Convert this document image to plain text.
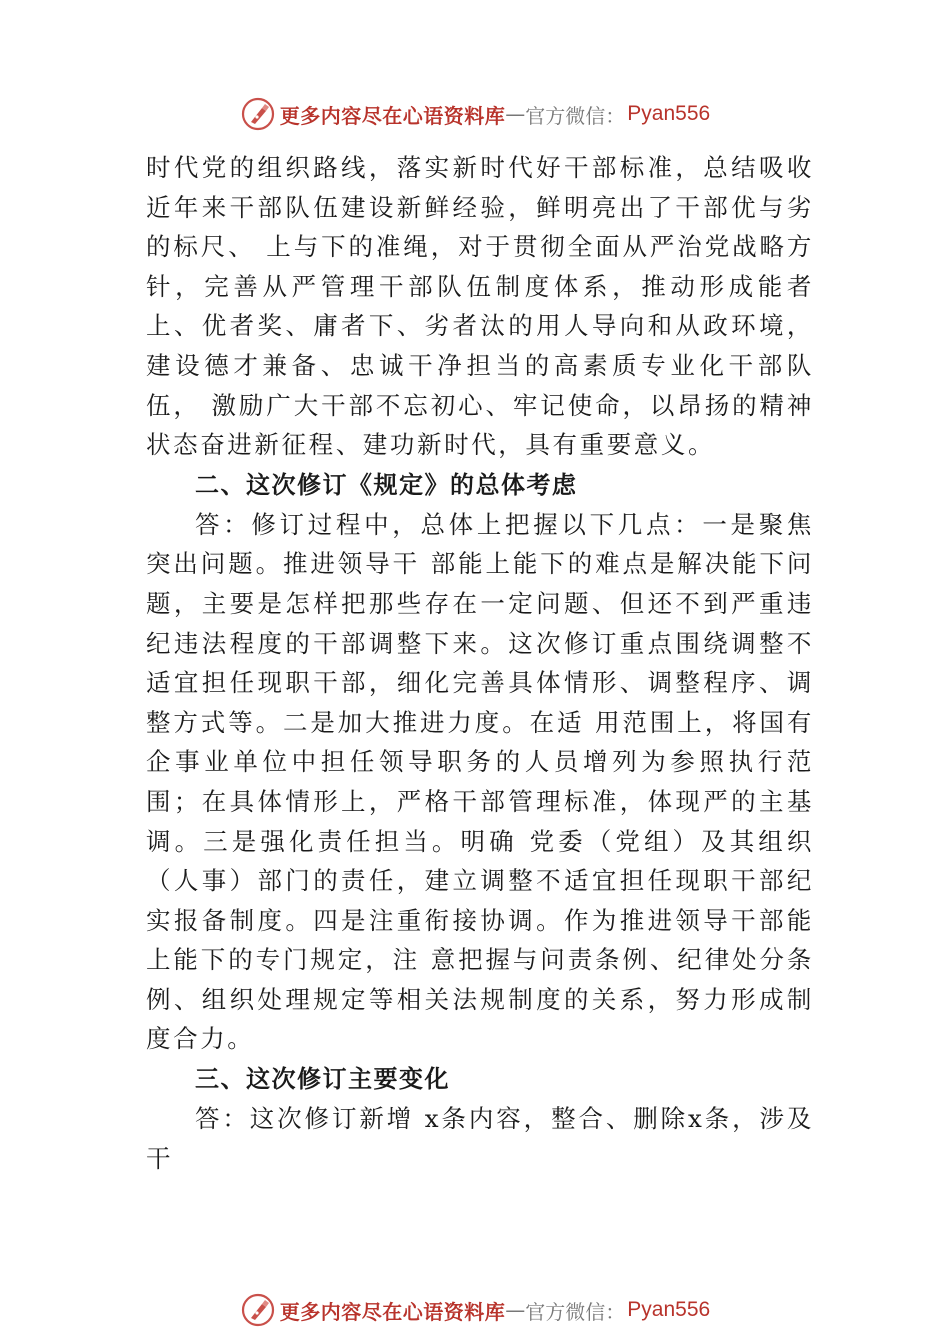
更多内容尽在心语资料库 — 官方微信： Pyan556

时代党的组织路线，落实新时代好干部标准，总结吸收近年来干部队伍建设新鲜经验，鲜明亮出了干部优与劣的标尺、 上与下的准绳，对于贯彻全面从严治党战略方针，完善从严管理干部队伍制度体系，推动形成能者上、优者奖、庸者下、劣者汰的用人导向和从政环境，建设德才兼备、忠诚干净担当的高素质专业化干部队伍， 激励广大干部不忘初心、牢记使命，以昂扬的精神状态奋进新征程、建功新时代，具有重要意义。

二、这次修订《规定》的总体考虑

答：修订过程中，总体上把握以下几点：一是聚焦突出问题。推进领导干 部能上能下的难点是解决能下问题，主要是怎样把那些存在一定问题、但还不到严重违纪违法程度的干部调整下来。这次修订重点围绕调整不适宜担任现职干部，细化完善具体情形、调整程序、调整方式等。二是加大推进力度。在适 用范围上，将国有企事业单位中担任领导职务的人员增列为参照执行范围；在具体情形上，严格干部管理标准，体现严的主基调。三是强化责任担当。明确 党委（党组）及其组织（人事）部门的责任，建立调整不适宜担任现职干部纪实报备制度。四是注重衔接协调。作为推进领导干部能上能下的专门规定，注 意把握与问责条例、纪律处分条例、组织处理规定等相关法规制度的关系，努力形成制度合力。

三、这次修订主要变化

答：这次修订新增 x条内容，整合、删除x条，涉及干

更多内容尽在心语资料库 — 官方微信： Pyan556
